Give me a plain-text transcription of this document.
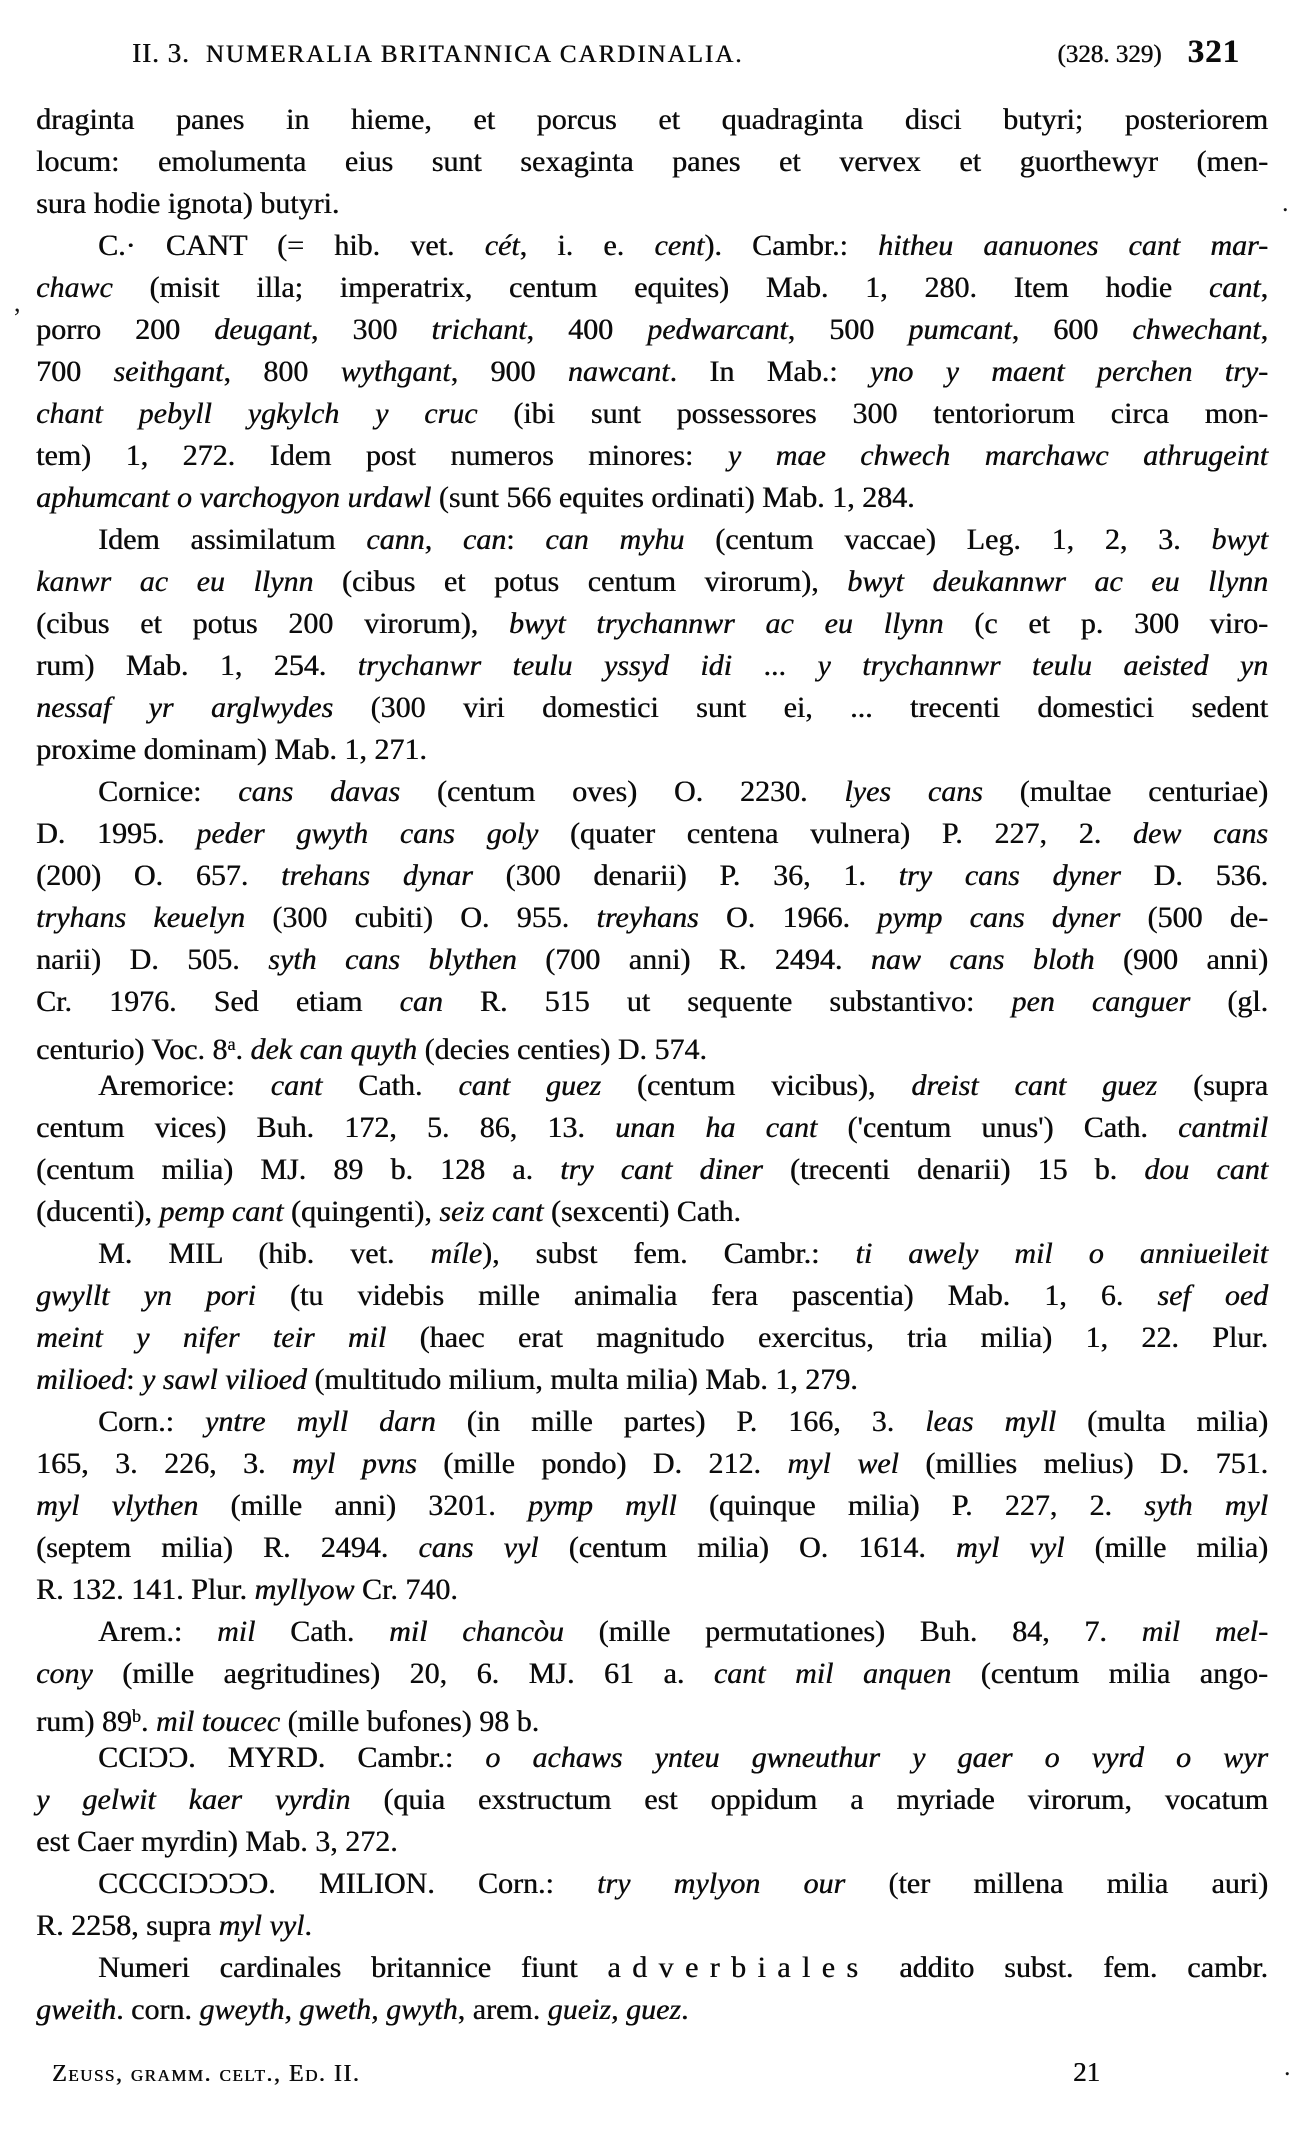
II. 3. NUMERALIA BRITANNICA CARDINALIA.	(328. 329) 321
draginta panes in hieme, et porcus et quadraginta disci butyri; posteriorem
locum: emolumenta eius sunt sexaginta panes et vervex et guorthewyr (men-
sura hodie ignota) butyri.
C.· CANT (= hib. vet. cét, i. e. cent). Cambr.: hitheu aanuones cant mar-
chawc (misit illa; imperatrix, centum equites) Mab. 1, 280. Item hodie cant,
porro 200 deugant, 300 trichant, 400 pedwarcant, 500 pumcant, 600 chwechant,
700 seithgant, 800 wythgant, 900 nawcant. In Mab.: yno y maent perchen try-
chant pebyll ygkylch y cruc (ibi sunt possessores 300 tentoriorum circa mon-
tem) 1, 272. Idem post numeros minores: y mae chwech marchawc athrugeint
aphumcant o varchogyon urdawl (sunt 566 equites ordinati) Mab. 1, 284.
Idem assimilatum cann, can: can myhu (centum vaccae) Leg. 1, 2, 3. bwyt
kanwr ac eu llynn (cibus et potus centum virorum), bwyt deukannwr ac eu llynn
(cibus et potus 200 virorum), bwyt trychannwr ac eu llynn (c et p. 300 viro-
rum) Mab. 1, 254. trychanwr teulu yssyd idi ... y trychannwr teulu aeisted yn
nessaf yr arglwydes (300 viri domestici sunt ei, ... trecenti domestici sedent
proxime dominam) Mab. 1, 271.
Cornice: cans davas (centum oves) O. 2230. lyes cans (multae centuriae)
D. 1995. peder gwyth cans goly (quater centena vulnera) P. 227, 2. dew cans
(200) O. 657. trehans dynar (300 denarii) P. 36, 1. try cans dyner D. 536.
tryhans keuelyn (300 cubiti) O. 955. treyhans O. 1966. pymp cans dyner (500 de-
narii) D. 505. syth cans blythen (700 anni) R. 2494. naw cans bloth (900 anni)
Cr. 1976. Sed etiam can R. 515 ut sequente substantivo: pen canguer (gl.
centurio) Voc. 8$^a$. dek can quyth (decies centies) D. 574.
Aremorice: cant Cath. cant guez (centum vicibus), dreist cant guez (supra
centum vices) Buh. 172, 5. 86, 13. unan ha cant ('centum unus') Cath. cantmil
(centum milia) MJ. 89 b. 128 a. try cant diner (trecenti denarii) 15 b. dou cant
(ducenti), pemp cant (quingenti), seiz cant (sexcenti) Cath.
M. MIL (hib. vet. míle), subst fem. Cambr.: ti awely mil o anniueileit
gwyllt yn pori (tu videbis mille animalia fera pascentia) Mab. 1, 6. sef oed
meint y nifer teir mil (haec erat magnitudo exercitus, tria milia) 1, 22. Plur.
milioed: y sawl vilioed (multitudo milium, multa milia) Mab. 1, 279.
Corn.: yntre myll darn (in mille partes) P. 166, 3. leas myll (multa milia)
165, 3. 226, 3. myl pvns (mille pondo) D. 212. myl wel (millies melius) D. 751.
myl vlythen (mille anni) 3201. pymp myll (quinque milia) P. 227, 2. syth myl
(septem milia) R. 2494. cans vyl (centum milia) O. 1614. myl vyl (mille milia)
R. 132. 141. Plur. myllyow Cr. 740.
Arem.: mil Cath. mil chancòu (mille permutationes) Buh. 84, 7. mil mel-
cony (mille aegritudines) 20, 6. MJ. 61 a. cant mil anquen (centum milia ango-
rum) 89$^b$. mil toucec (mille bufones) 98 b.
CCIƆƆ. MYRD. Cambr.: o achaws ynteu gwneuthur y gaer o vyrd o wyr
y gelwit kaer vyrdin (quia exstructum est oppidum a myriade virorum, vocatum
est Caer myrdin) Mab. 3, 272.
CCCCIƆƆƆƆ. MILION. Corn.: try mylyon our (ter millena milia auri)
R. 2258, supra myl vyl.
Numeri cardinales britannice fiunt adverbiales addito subst. fem. cambr.
gweith. corn. gweyth, gweth, gwyth, arem. gueiz, guez.
Zeuss, gramm. celt., Ed. II.	21
,
.
.
